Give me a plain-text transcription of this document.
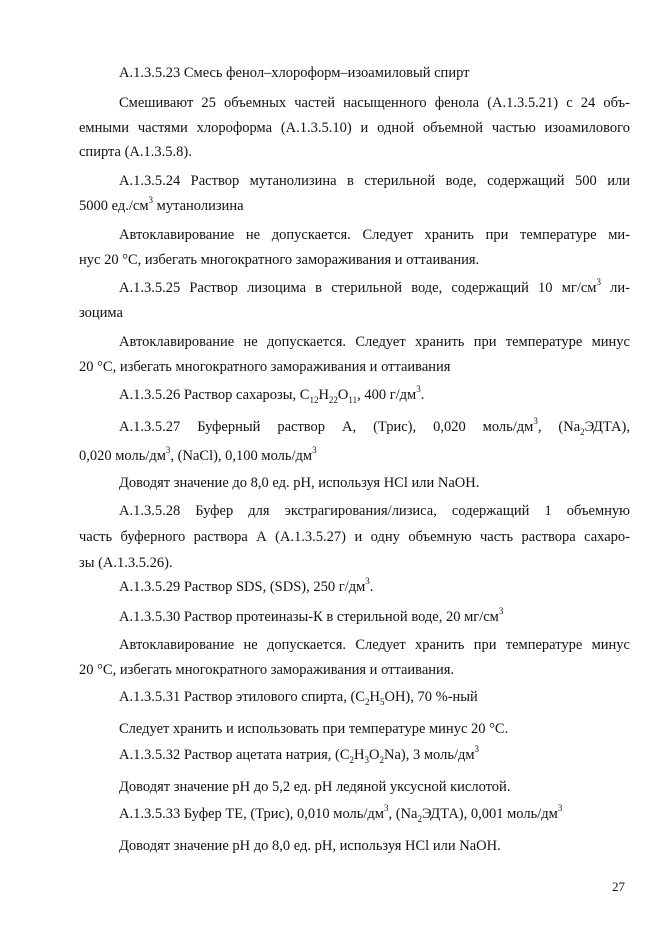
А.1.3.5.23 Смесь фенол–хлороформ–изоамиловый спирт
Смешивают 25 объемных частей насыщенного фенола (А.1.3.5.21) с 24 объ-
емными частями хлороформа (А.1.3.5.10) и одной объемной частью изоамилового
спирта (А.1.3.5.8).
А.1.3.5.24 Раствор мутанолизина в стерильной воде, содержащий 500 или
5000 $ед./см^3$ мутанолизина
Автоклавирование не допускается. Следует хранить при температуре ми-
нус 20 °С, избегать многократного замораживания и оттаивания.
А.1.3.5.25 Раствор лизоцима в стерильной воде, содержащий 10 $мг/см^3$ ли-
зоцима
Автоклавирование не допускается. Следует хранить при температуре минус
20 °С, избегать многократного замораживания и оттаивания
А.1.3.5.26 Раствор сахарозы, $C_{12}H_{22}O_{11}$, 400 $г/дм^3$.
А.1.3.5.27 Буферный раствор А, (Трис), 0,020 моль/$дм^3$, $(Na_2ЭДТА)$,
0,020 моль/$дм^3$, (NaCl), 0,100 моль/$дм^3$
Доводят значение до 8,0 ед. рН, используя HCl или NaOH.
А.1.3.5.28 Буфер для экстрагирования/лизиса, содержащий 1 объемную
часть буферного раствора А (А.1.3.5.27) и одну объемную часть раствора сахаро-
зы (А.1.3.5.26).
А.1.3.5.29 Раствор SDS, (SDS), 250 $г/дм^3$.
А.1.3.5.30 Раствор протеиназы-К в стерильной воде, 20 $мг/см^3$
Автоклавирование не допускается. Следует хранить при температуре минус
20 °С, избегать многократного замораживания и оттаивания.
А.1.3.5.31 Раствор этилового спирта, $(C_2H_5OH)$, 70 %-ный
Следует хранить и использовать при температуре минус 20 °С.
А.1.3.5.32 Раствор ацетата натрия, $(C_2H_3O_2Na)$, 3 моль/$дм^3$
Доводят значение рН до 5,2 ед. рН ледяной уксусной кислотой.
А.1.3.5.33 Буфер ТЕ, (Трис), 0,010 моль/$дм^3$, $(Na_2ЭДТА)$, 0,001 моль/$дм^3$
Доводят значение рН до 8,0 ед. рН, используя HCl или NaOH.
27
